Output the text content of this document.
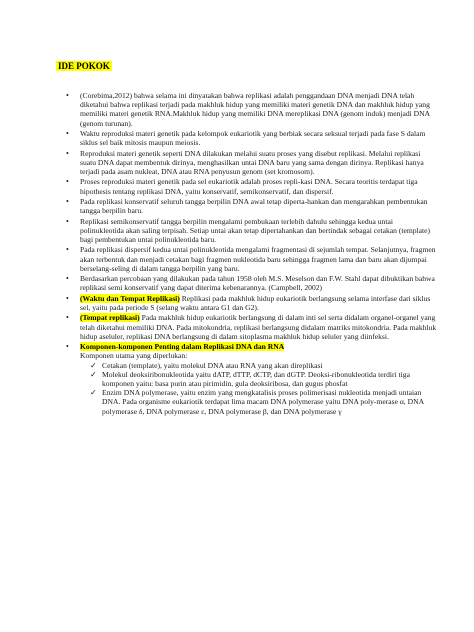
IDE POKOK
• (Corebima,2012) bahwa selama ini dinyatakan bahwa replikasi adalah penggandaan DNA menjadi DNA telah diketahui bahwa replikasi terjadi pada makhluk hidup yang memiliki materi genetik DNA dan makhluk hidup yang memiliki materi genetik RNA.Makhluk hidup yang memiliki DNA mereplikasi DNA (genom induk) menjadi DNA (genom turunan).
• Waktu reproduksi materi genetik pada kelompok eukariotik yang berbiak secara seksual terjadi pada fase S dalam siklus sel baik mitosis maupun meiosis.
• Reproduksi materi genetik seperti DNA dilakukan melalui suatu proses yang disebut replikasi. Melalui replikasi suatu DNA dapat membentuk dirinya, menghasilkan untai DNA baru yang sama dengan dirinya. Replikasi hanya terjadi pada asam nukleat, DNA atau RNA penyusun genom (set kromosom).
• Proses reproduksi materi genetik pada sel eukariotik adalah proses repli-kasi DNA. Secara teoritis terdapat tiga hipothesis tentang replikasi DNA, yaitu konservatif, semikonservatif, dan dispersif.
• Pada replikasi konservatif seluruh tangga berpilin DNA awal tetap diperta-hankan dan mengarahkan pembentukan tangga berpilin baru.
• Replikasi semikonservatif tangga berpilin mengalami pembukaan terlebih dahulu sehingga kedua untai polinukleotida akan saling terpisah. Setiap untai akan tetap dipertahankan dan bertindak sebagai cetakan (template) bagi pembentukan untai polinukleotida baru.
• Pada replikasi dispersif kedua untai polinukleotida mengalami fragmentasi di sejumlah tempat. Selanjutnya, fragmen akan terbentuk dan menjadi cetakan bagi fragmen nukleotida baru sehingga fragmen lama dan baru akan dijumpai berselang-seling di dalam tangga berpilin yang baru.
• Berdasarkan percobaan yang dilakukan pada tahun 1958 oleh M.S. Meselson dan F.W. Stahl dapat dibuktikan bahwa replikasi semi konservatif yang dapat diterima kebenarannya. (Campbell, 2002)
• (Waktu dan Tempat Replikasi) Replikasi pada makhluk hidup eukariotik berlangsung selama interfase dari siklus sel, yaitu pada periode S (selang waktu antara G1 dan G2).
• (Tempat replikasi) Pada makhluk hidup eukariotik berlangsung di dalam inti sel serta didalam organel-organel yang telah diketahui memiliki DNA. Pada mitokondria, replikasi berlangsung didalam matriks mitokondria. Pada makhluk hidup aseluler, replikasi DNA berlangsung di dalam sitoplasma makhluk hidup seluler yang diinfeksi.
• Komponen-komponen Penting dalam Replikasi DNA dan RNA
Komponen utama yang diperlukan:
✓ Cetakan (template), yaitu molekul DNA atau RNA yang akan direplikasi
✓ Molekul deoksiribonukleotida yaitu dATP, dTTP, dCTP, dan dGTP. Deoksi-ribonukleotida terdiri tiga komponen yaitu: basa purin atau pirimidin, gula deoksiribosa, dan gugus phosfat
✓ Enzim DNA polymerase, yaitu enzim yang mengkatalisis proses polimerisasi nukleotida menjadi untaian DNA. Pada organisme eukariotik terdapat lima macam DNA polymerase yaitu DNA poly-merase α, DNA polymerase δ, DNA polymerase ε, DNA polymerase β, dan DNA polymerase γ
